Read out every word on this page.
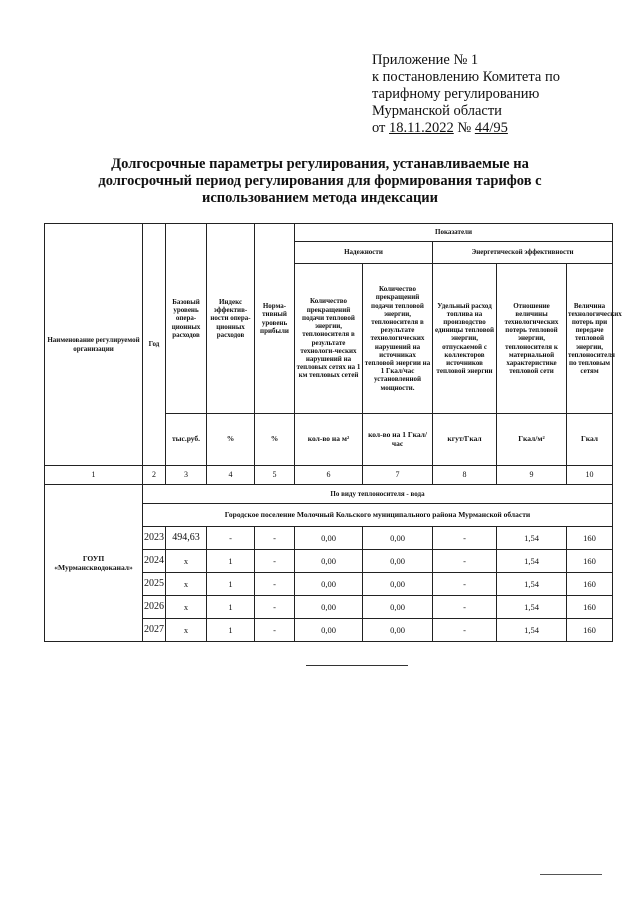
Приложение № 1
к постановлению Комитета по
тарифному регулированию
Мурманской области
от 18.11.2022 № 44/95
Долгосрочные параметры регулирования, устанавливаемые на
долгосрочный период регулирования для формирования тарифов с
использованием метода индексации
Наименование регулируемой организации	Год	Базовый уровень опера-ционных расходов	Индекс эффектив-ности опера-ционных расходов	Норма-тивный уровень прибыли	Показатели				
					Надежности		Энергетической эффективности		
					Количество прекращений подачи тепловой энергии, теплоносителя в результате технологи-ческих нарушений на тепловых сетях на 1 км тепловых сетей	Количество прекращений подачи тепловой энергии, теплоносителя в результате технологических нарушений на источниках тепловой энергии на 1 Гкал/час установленной мощности.	Удельный расход топлива на производство единицы тепловой энергии, отпускаемой с коллекторов источников тепловой энергии	Отношение величины технологических потерь тепловой энергии, теплоносителя к материальной характеристике тепловой сети	Величина технологических потерь при передаче тепловой энергии, теплоносителя по тепловым сетям
		тыс.руб.	%	%	кол-во на м²	кол-во на 1 Гкал/час	кгут/Гкал	Гкал/м²	Гкал
1	2	3	4	5	6	7	8	9	10
ГОУП «Мурманскводоканал»	По виду теплоносителя - вода								
	Городское поселение Молочный Кольского муниципального района Мурманской области								
	2023	494,63	-	-	0,00	0,00	-	1,54	160
	2024	х	1	-	0,00	0,00	-	1,54	160
	2025	х	1	-	0,00	0,00	-	1,54	160
	2026	х	1	-	0,00	0,00	-	1,54	160
	2027	х	1	-	0,00	0,00	-	1,54	160
